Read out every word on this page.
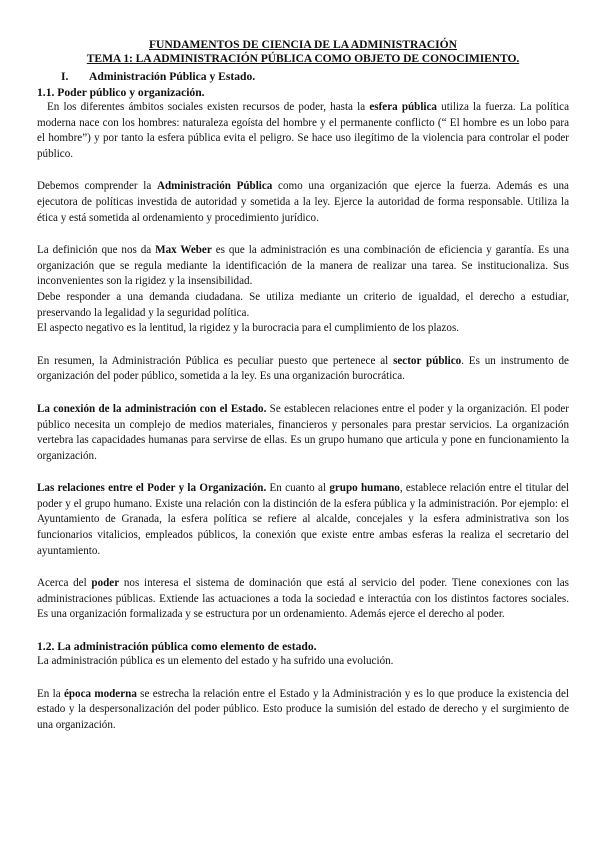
FUNDAMENTOS DE CIENCIA DE LA ADMINISTRACIÓN
TEMA 1: LA ADMINISTRACIÓN PÚBLICA COMO OBJETO DE CONOCIMIENTO.
I. Administración Pública y Estado.
1.1. Poder público y organización.

En los diferentes ámbitos sociales existen recursos de poder, hasta la esfera pública utiliza la fuerza. La política moderna nace con los hombres: naturaleza egoísta del hombre y el permanente conflicto (“ El hombre es un lobo para el hombre”) y por tanto la esfera pública evita el peligro. Se hace uso ilegítimo de la violencia para controlar el poder público.

Debemos comprender la Administración Pública como una organización que ejerce la fuerza. Además es una ejecutora de políticas investida de autoridad y sometida a la ley. Ejerce la autoridad de forma responsable. Utiliza la ética y está sometida al ordenamiento y procedimiento jurídico.

La definición que nos da Max Weber es que la administración es una combinación de eficiencia y garantía. Es una organización que se regula mediante la identificación de la manera de realizar una tarea. Se institucionaliza. Sus inconvenientes son la rigidez y la insensibilidad.

Debe responder a una demanda ciudadana. Se utiliza mediante un criterio de igualdad, el derecho a estudiar, preservando la legalidad y la seguridad política.

El aspecto negativo es la lentitud, la rigidez y la burocracia para el cumplimiento de los plazos.

En resumen, la Administración Pública es peculiar puesto que pertenece al sector público. Es un instrumento de organización del poder público, sometida a la ley. Es una organización burocrática.

La conexión de la administración con el Estado. Se establecen relaciones entre el poder y la organización. El poder público necesita un complejo de medios materiales, financieros y personales para prestar servicios. La organización vertebra las capacidades humanas para servirse de ellas. Es un grupo humano que articula y pone en funcionamiento la organización.

Las relaciones entre el Poder y la Organización. En cuanto al grupo humano, establece relación entre el titular del poder y el grupo humano. Existe una relación con la distinción de la esfera pública y la administración. Por ejemplo: el Ayuntamiento de Granada, la esfera política se refiere al alcalde, concejales y la esfera administrativa son los funcionarios vitalicios, empleados públicos, la conexión que existe entre ambas esferas la realiza el secretario del ayuntamiento.

Acerca del poder nos interesa el sistema de dominación que está al servicio del poder. Tiene conexiones con las administraciones públicas. Extiende las actuaciones a toda la sociedad e interactúa con los distintos factores sociales. Es una organización formalizada y se estructura por un ordenamiento. Además ejerce el derecho al poder.

1.2. La administración pública como elemento de estado.

La administración pública es un elemento del estado y ha sufrido una evolución.

En la época moderna se estrecha la relación entre el Estado y la Administración y es lo que produce la existencia del estado y la despersonalización del poder público. Esto produce la sumisión del estado de derecho y el surgimiento de una organización.
